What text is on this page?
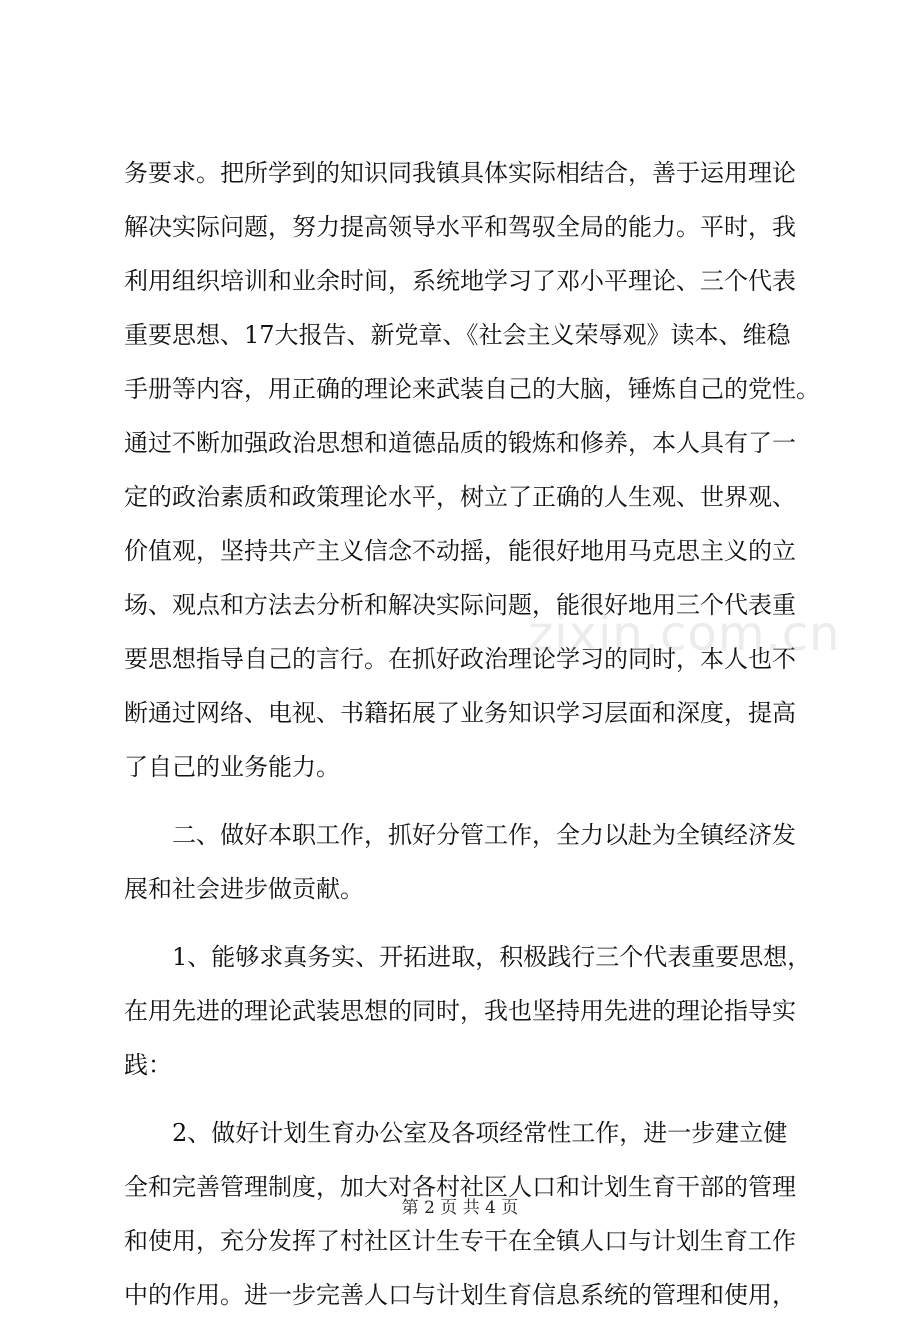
务要求。把所学到的知识同我镇具体实际相结合，善于运用理论
解决实际问题，努力提高领导水平和驾驭全局的能力。平时，我
利用组织培训和业余时间，系统地学习了邓小平理论、三个代表
重要思想、17大报告、新党章、《社会主义荣辱观》读本、维稳
手册等内容，用正确的理论来武装自己的大脑，锤炼自己的党性。
通过不断加强政治思想和道德品质的锻炼和修养，本人具有了一
定的政治素质和政策理论水平，树立了正确的人生观、世界观、
价值观，坚持共产主义信念不动摇，能很好地用马克思主义的立
场、观点和方法去分析和解决实际问题，能很好地用三个代表重
要思想指导自己的言行。在抓好政治理论学习的同时，本人也不
断通过网络、电视、书籍拓展了业务知识学习层面和深度，提高
了自己的业务能力。
二、做好本职工作，抓好分管工作，全力以赴为全镇经济发
展和社会进步做贡献。
1、能够求真务实、开拓进取，积极践行三个代表重要思想，
在用先进的理论武装思想的同时，我也坚持用先进的理论指导实
践：
2、做好计划生育办公室及各项经常性工作，进一步建立健
全和完善管理制度，加大对各村社区人口和计划生育干部的管理
和使用，充分发挥了村社区计生专干在全镇人口与计划生育工作
中的作用。进一步完善人口与计划生育信息系统的管理和使用，
zixin.com.cn
第 2 页 共 4 页
